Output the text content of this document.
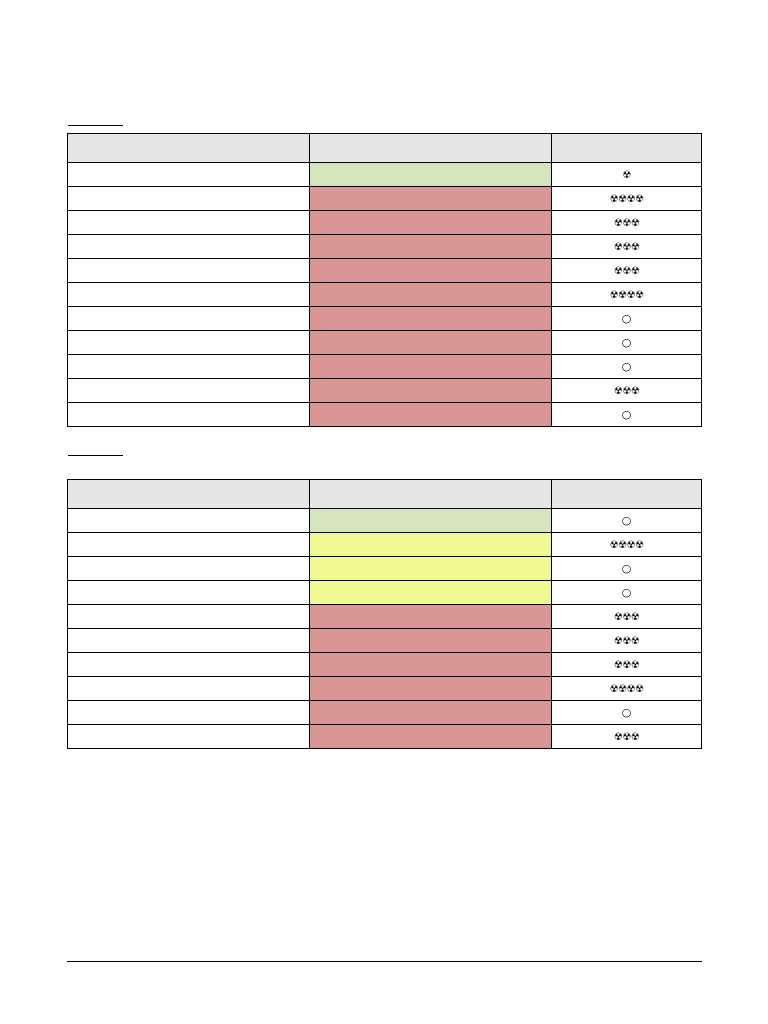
		☢
		☢☢☢☢
		☢☢☢
		☢☢☢
		☢☢☢
		☢☢☢☢
		○
		○
		○
		☢☢☢
		○

		○
		☢☢☢☢
		○
		○
		☢☢☢
		☢☢☢
		☢☢☢
		☢☢☢☢
		○
		☢☢☢
